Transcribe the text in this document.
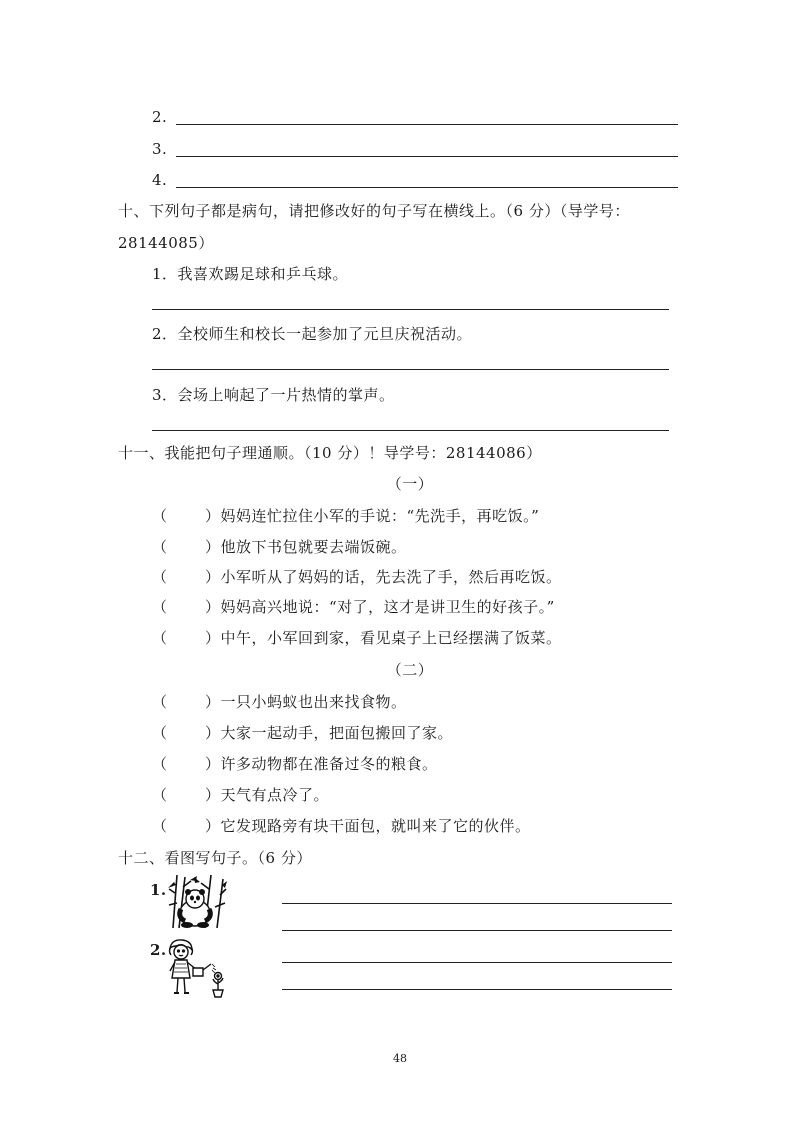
2.
3.
4.
十、下列句子都是病句，请把修改好的句子写在横线上。（6 分）（导学号：
28144085）
1．我喜欢踢足球和乒乓球。
2．全校师生和校长一起参加了元旦庆祝活动。
3．会场上响起了一片热情的掌声。
十一、我能把句子理通顺。（10 分）！导学号：28144086）
（一）
（	）妈妈连忙拉住小军的手说：“先洗手，再吃饭。”
（	）他放下书包就要去端饭碗。
（	）小军听从了妈妈的话，先去洗了手，然后再吃饭。
（	）妈妈高兴地说：“对了，这才是讲卫生的好孩子。”
（	）中午，小军回到家，看见桌子上已经摆满了饭菜。
（二）
（	）一只小蚂蚁也出来找食物。
（	）大家一起动手，把面包搬回了家。
（	）许多动物都在准备过冬的粮食。
（	）天气有点冷了。
（	）它发现路旁有块干面包，就叫来了它的伙伴。
十二、看图写句子。（6 分）
1.
2.
48
